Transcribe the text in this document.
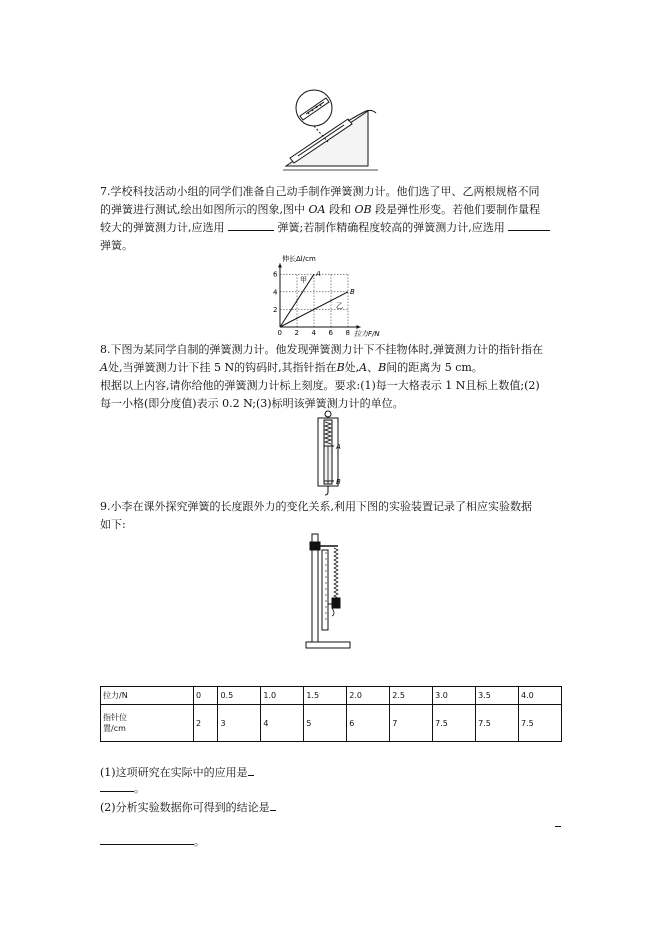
7.学校科技活动小组的同学们准备自己动手制作弹簧测力计。他们选了甲、乙两根规格不同
的弹簧进行测试,绘出如图所示的图象,图中 OA 段和 OB 段是弹性形变。若他们要制作量程
较大的弹簧测力计,应选用	弹簧;若制作精确程度较高的弹簧测力计,应选用
弹簧。
2
4
6
0 2 4 6 8
伸长Δl/cm
拉力F/N
甲
乙
A
B
8.下图为某同学自制的弹簧测力计。他发现弹簧测力计下不挂物体时,弹簧测力计的指针指在
A处,当弹簧测力计下挂 5 N的钩码时,其指针指在B处,A、B间的距离为 5 cm。
根据以上内容,请你给他的弹簧测力计标上刻度。要求:(1)每一大格表示 1 N且标上数值;(2)
每一小格(即分度值)表示 0.2 N;(3)标明该弹簧测力计的单位。
A
B
9.小李在课外探究弹簧的长度跟外力的变化关系,利用下图的实验装置记录了相应实验数据
如下:
拉力/N	0	0.5	1.0	1.5	2.0	2.5	3.0	3.5	4.0
指针位
置/cm	2	3	4	5	6	7	7.5	7.5	7.5
(1)这项研究在实际中的应用是
。
(2)分析实验数据你可得到的结论是
。
